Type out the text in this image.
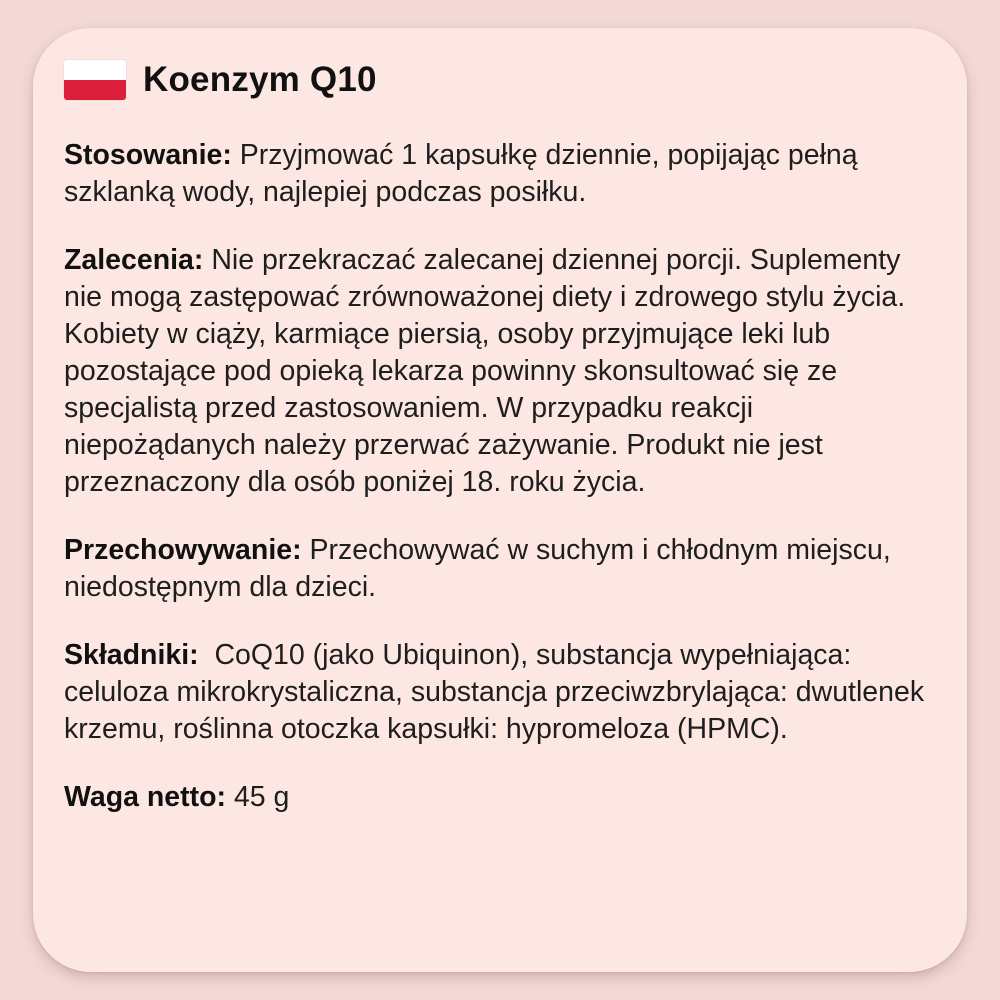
Koenzym Q10

Stosowanie: Przyjmować 1 kapsułkę dziennie, popijając pełną szklanką wody, najlepiej podczas posiłku.

Zalecenia: Nie przekraczać zalecanej dziennej porcji. Suplementy nie mogą zastępować zrównoważonej diety i zdrowego stylu życia. Kobiety w ciąży, karmiące piersią, osoby przyjmujące leki lub pozostające pod opieką lekarza powinny skonsultować się ze specjalistą przed zastosowaniem. W przypadku reakcji niepożądanych należy przerwać zażywanie. Produkt nie jest przeznaczony dla osób poniżej 18. roku życia.

Przechowywanie: Przechowywać w suchym i chłodnym miejscu, niedostępnym dla dzieci.

Składniki:  CoQ10 (jako Ubiquinon), substancja wypełniająca: celuloza mikrokrystaliczna, substancja przeciwzbrylająca: dwutlenek krzemu, roślinna otoczka kapsułki: hypromeloza (HPMC).

Waga netto: 45 g
